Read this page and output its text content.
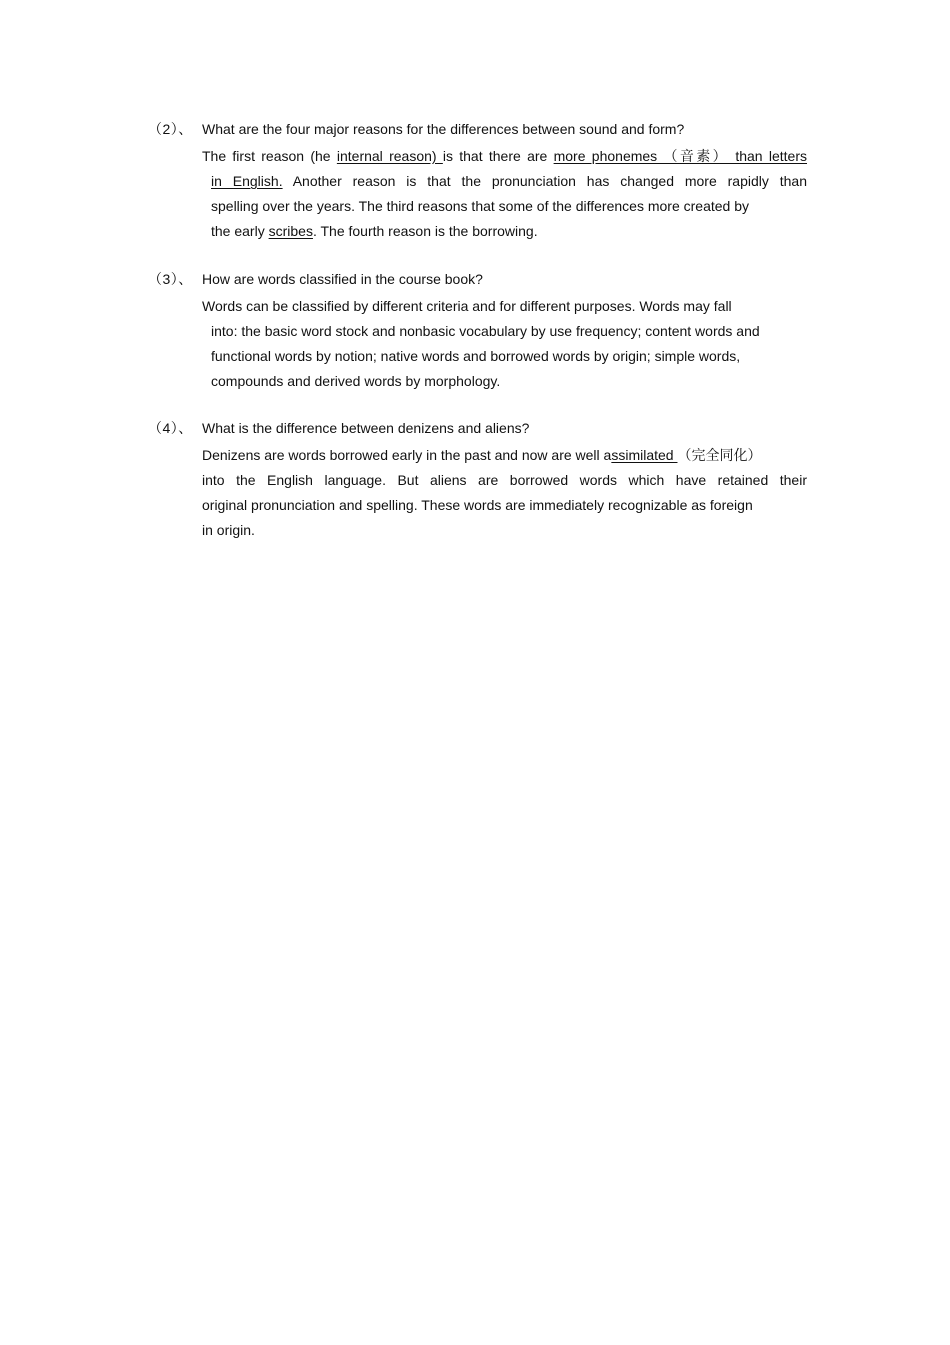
（2）、 What are the four major reasons for the differences between sound and form?
The first reason (he internal reason) is that there are more phonemes （音素） than letters
in English. Another reason is that the pronunciation has changed more rapidly than
spelling over the years. The third reasons that some of the differences more created by
the early scribes. The fourth reason is the borrowing.
（3）、 How are words classified in the course book?
Words can be classified by different criteria and for different purposes. Words may fall
into: the basic word stock and nonbasic vocabulary by use frequency; content words and
functional words by notion; native words and borrowed words by origin; simple words,
compounds and derived words by morphology.
（4）、 What is the difference between denizens and aliens?
Denizens are words borrowed early in the past and now are well assimilated （完全同化）
into the English language. But aliens are borrowed words which have retained their
original pronunciation and spelling. These words are immediately recognizable as foreign
in origin.
